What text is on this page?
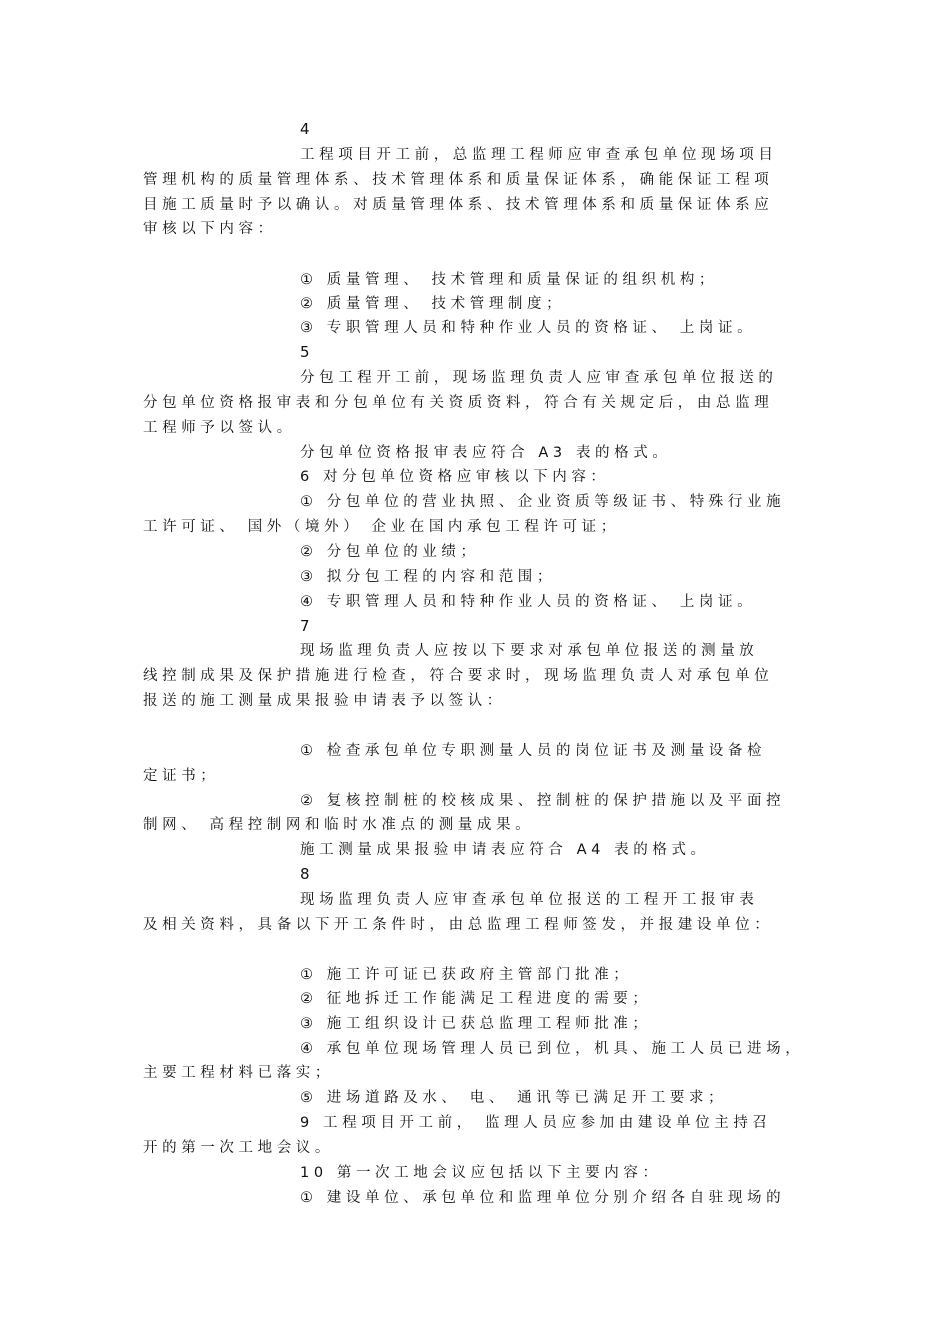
4
工程项目开工前，总监理工程师应审查承包单位现场项目
管理机构的质量管理体系、技术管理体系和质量保证体系，确能保证工程项
目施工质量时予以确认。对质量管理体系、技术管理体系和质量保证体系应
审核以下内容：
① 质量管理、 技术管理和质量保证的组织机构；
② 质量管理、 技术管理制度；
③ 专职管理人员和特种作业人员的资格证、 上岗证。
5
分包工程开工前，现场监理负责人应审查承包单位报送的
分包单位资格报审表和分包单位有关资质资料，符合有关规定后，由总监理
工程师予以签认。
分包单位资格报审表应符合 A3 表的格式。
6 对分包单位资格应审核以下内容：
① 分包单位的营业执照、企业资质等级证书、特殊行业施
工许可证、 国外（境外） 企业在国内承包工程许可证；
② 分包单位的业绩；
③ 拟分包工程的内容和范围；
④ 专职管理人员和特种作业人员的资格证、 上岗证。
7
现场监理负责人应按以下要求对承包单位报送的测量放
线控制成果及保护措施进行检查，符合要求时，现场监理负责人对承包单位
报送的施工测量成果报验申请表予以签认：
① 检查承包单位专职测量人员的岗位证书及测量设备检
定证书；
② 复核控制桩的校核成果、控制桩的保护措施以及平面控
制网、 高程控制网和临时水准点的测量成果。
施工测量成果报验申请表应符合 A4 表的格式。
8
现场监理负责人应审查承包单位报送的工程开工报审表
及相关资料，具备以下开工条件时，由总监理工程师签发，并报建设单位：
① 施工许可证已获政府主管部门批准；
② 征地拆迁工作能满足工程进度的需要；
③ 施工组织设计已获总监理工程师批准；
④ 承包单位现场管理人员已到位，机具、施工人员已进场，
主要工程材料已落实；
⑤ 进场道路及水、 电、 通讯等已满足开工要求；
9 工程项目开工前， 监理人员应参加由建设单位主持召
开的第一次工地会议。
10 第一次工地会议应包括以下主要内容：
① 建设单位、承包单位和监理单位分别介绍各自驻现场的
